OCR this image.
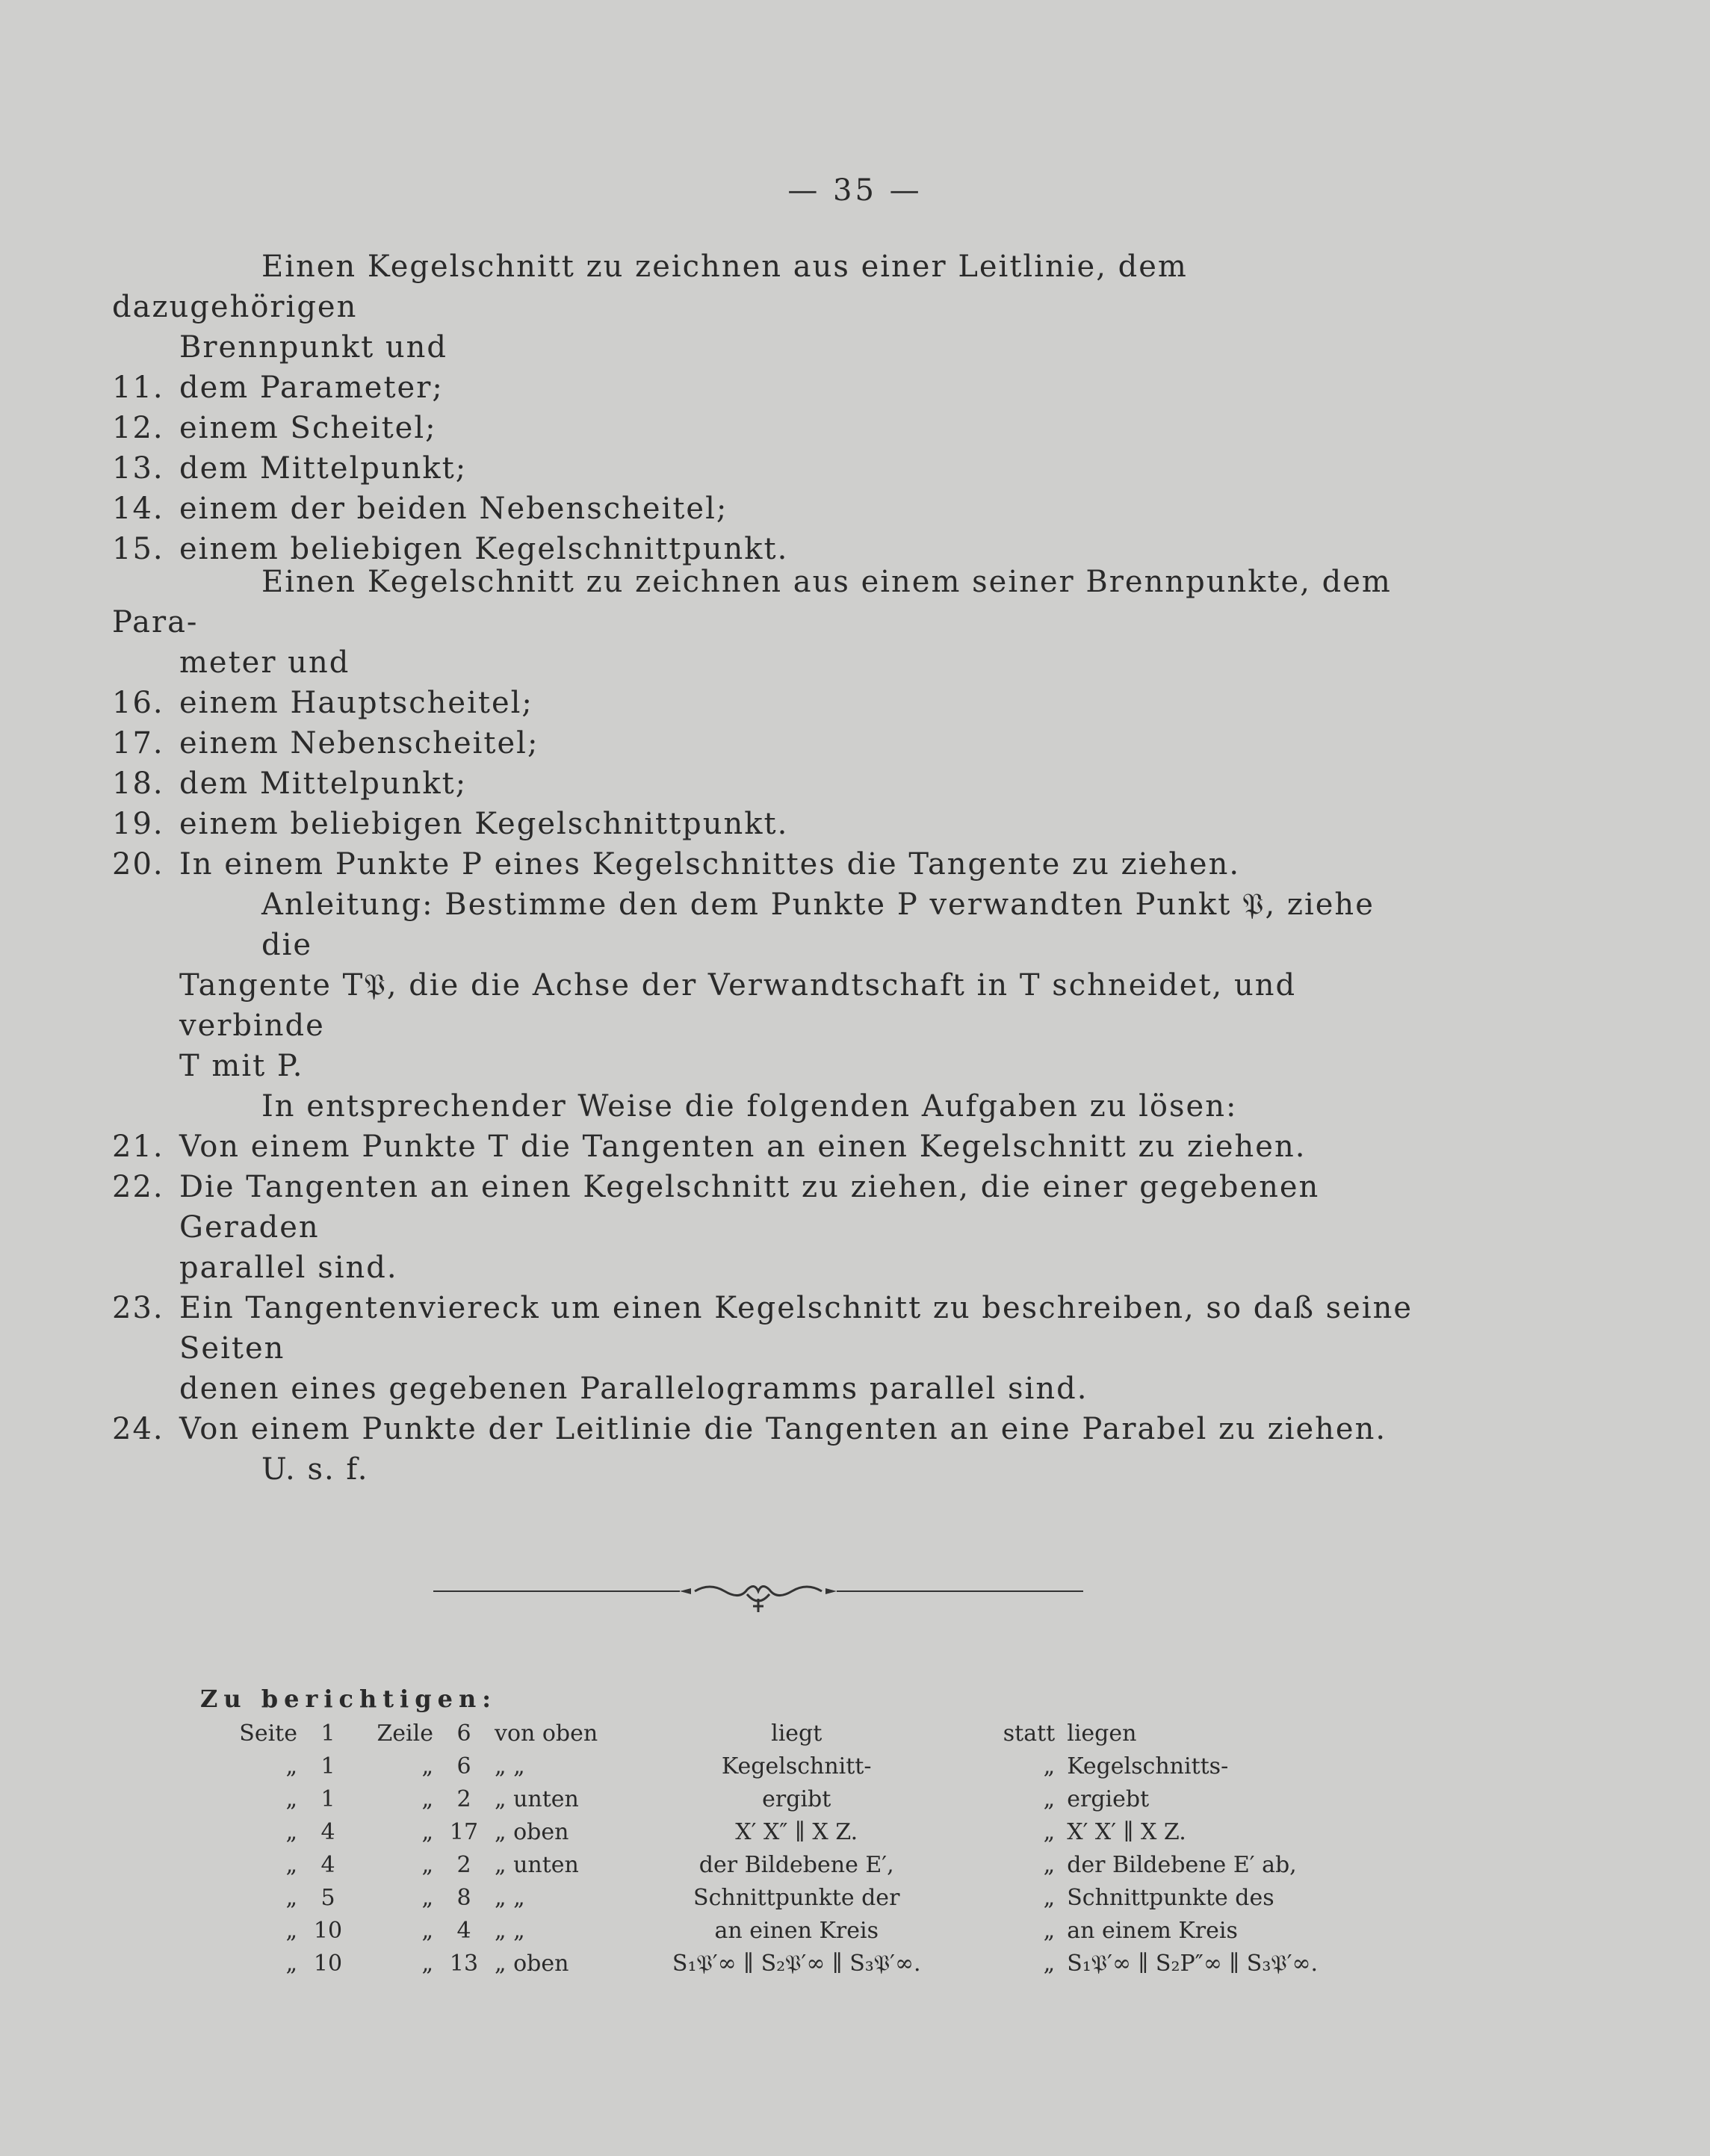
— 35 —

Einen Kegelschnitt zu zeichnen aus einer Leitlinie, dem dazugehörigen

Brennpunkt und

11. dem Parameter;
12. einem Scheitel;
13. dem Mittelpunkt;
14. einem der beiden Nebenscheitel;
15. einem beliebigen Kegelschnittpunkt.

Einen Kegelschnitt zu zeichnen aus einem seiner Brennpunkte, dem Para-

meter und

16. einem Hauptscheitel;
17. einem Nebenscheitel;
18. dem Mittelpunkt;
19. einem beliebigen Kegelschnittpunkt.
20. In einem Punkte P eines Kegelschnittes die Tangente zu ziehen.

Anleitung: Bestimme den dem Punkte P verwandten Punkt 𝔓, ziehe die

Tangente T𝔓, die die Achse der Verwandtschaft in T schneidet, und verbinde

T mit P.

In entsprechender Weise die folgenden Aufgaben zu lösen:

21. Von einem Punkte T die Tangenten an einen Kegelschnitt zu ziehen.
22. Die Tangenten an einen Kegelschnitt zu ziehen, die einer gegebenen Geraden
parallel sind.
23. Ein Tangentenviereck um einen Kegelschnitt zu beschreiben, so daß seine Seiten
denen eines gegebenen Parallelogramms parallel sind.
24. Von einem Punkte der Leitlinie die Tangenten an eine Parabel zu ziehen.

U. s. f.

Zu berichtigen:
Seite	1	Zeile	6	von oben	liegt	statt	liegen
„	1	„	6	„ „	Kegelschnitt-	„	Kegelschnitts-
„	1	„	2	„ unten	ergibt	„	ergiebt
„	4	„	17	„ oben	X′ X″ ∥ X Z.	„	X′ X′ ∥ X Z.
„	4	„	2	„ unten	der Bildebene E′,	„	der Bildebene E′ ab,
„	5	„	8	„ „	Schnittpunkte der	„	Schnittpunkte des
„	10	„	4	„ „	an einen Kreis	„	an einem Kreis
„	10	„	13	„ oben	S₁𝔓′∞ ∥ S₂𝔓′∞ ∥ S₃𝔓′∞.	„	S₁𝔓′∞ ∥ S₂P″∞ ∥ S₃𝔓′∞.
